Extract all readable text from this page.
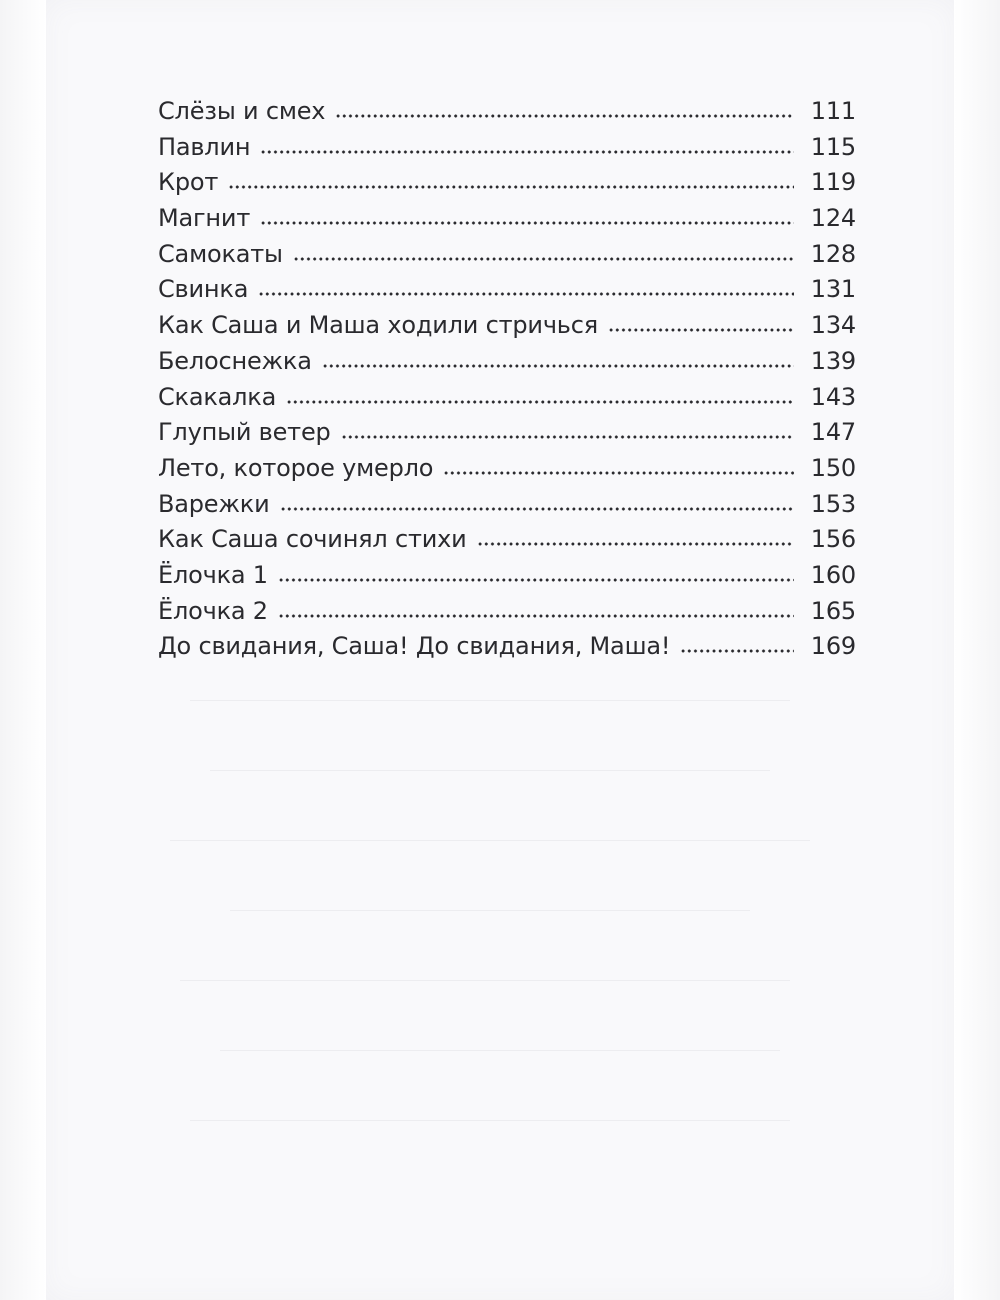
Слёзы и смех	111
Павлин	115
Крот	119
Магнит	124
Самокаты	128
Свинка	131
Как Саша и Маша ходили стричься	134
Белоснежка	139
Скакалка	143
Глупый ветер	147
Лето, которое умерло	150
Варежки	153
Как Саша сочинял стихи	156
Ёлочка 1	160
Ёлочка 2	165
До свидания, Саша! До свидания, Маша!	169
